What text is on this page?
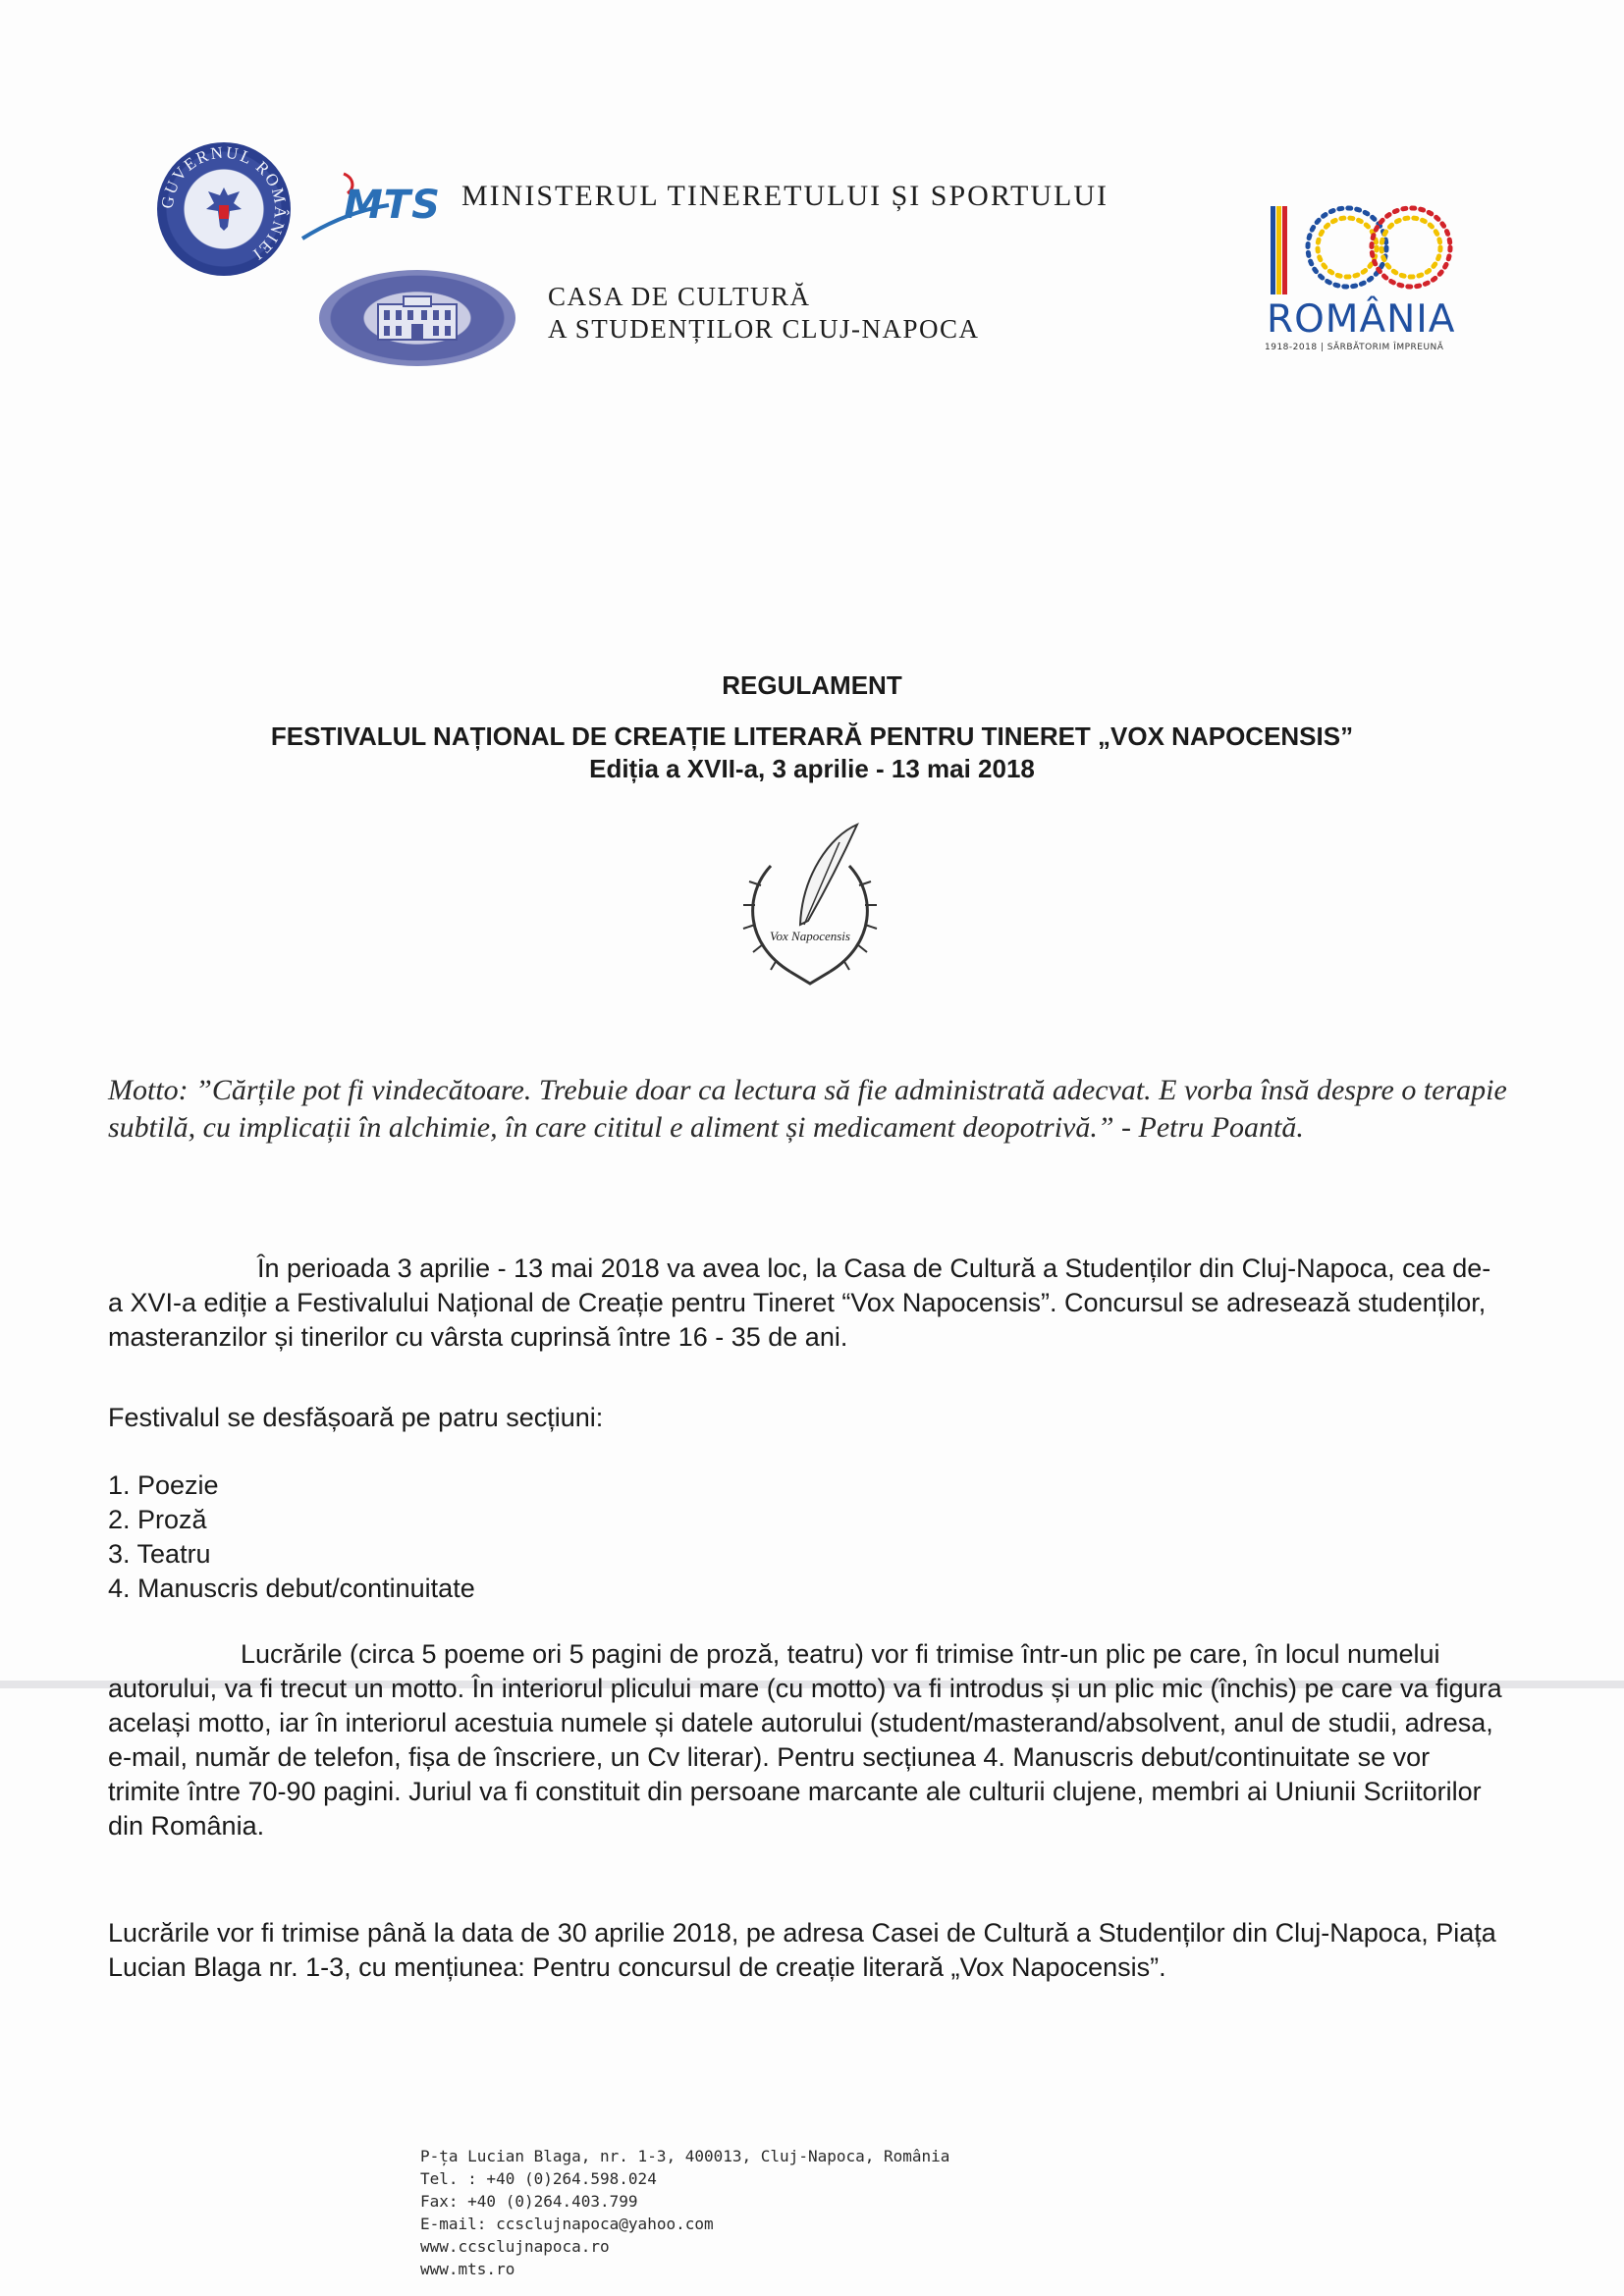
GUVERNUL ROMÂNIEI
MTS MINISTERUL TINERETULUI ȘI SPORTULUI
CASA DE CULTURĂ
A STUDENȚILOR CLUJ-NAPOCA	ROMÂNIA
1918-2018 | SĂRBĂTORIM ÎMPREUNĂ
REGULAMENT
FESTIVALUL NAȚIONAL DE CREAȚIE LITERARĂ PENTRU TINERET „VOX NAPOCENSIS”
Ediția a XVII-a, 3 aprilie - 13 mai 2018
Vox Napocensis
Motto: ”Cărțile pot fi vindecătoare. Trebuie doar ca lectura să fie administrată adecvat. E vorba însă despre o terapie subtilă, cu implicații în alchimie, în care cititul e aliment și medicament deopotrivă.” - Petru Poantă.
În perioada 3 aprilie - 13 mai 2018 va avea loc, la Casa de Cultură a Studenților din Cluj-Napoca, cea de-a XVI-a ediție a Festivalului Național de Creație pentru Tineret “Vox Napocensis”. Concursul se adresează studenților, masteranzilor și tinerilor cu vârsta cuprinsă între 16 - 35 de ani.
Festivalul se desfășoară pe patru secțiuni:
1. Poezie
2. Proză
3. Teatru
4. Manuscris debut/continuitate
Lucrările (circa 5 poeme ori 5 pagini de proză, teatru) vor fi trimise într-un plic pe care, în locul numelui autorului, va fi trecut un motto. În interiorul plicului mare (cu motto) va fi introdus și un plic mic (închis) pe care va figura același motto, iar în interiorul acestuia numele și datele autorului (student/masterand/absolvent, anul de studii, adresa, e-mail, număr de telefon, fișa de înscriere, un Cv literar). Pentru secțiunea 4. Manuscris debut/continuitate se vor trimite între 70-90 pagini. Juriul va fi constituit din persoane marcante ale culturii clujene, membri ai Uniunii Scriitorilor din România.
Lucrările vor fi trimise până la data de 30 aprilie 2018, pe adresa Casei de Cultură a Studenților din Cluj-Napoca, Piața Lucian Blaga nr. 1-3, cu mențiunea: Pentru concursul de creație literară „Vox Napocensis”.
P-ța Lucian Blaga, nr. 1-3, 400013, Cluj-Napoca, România
Tel. : +40 (0)264.598.024
Fax: +40 (0)264.403.799
E-mail: ccsclujnapoca@yahoo.com
www.ccsclujnapoca.ro
www.mts.ro
